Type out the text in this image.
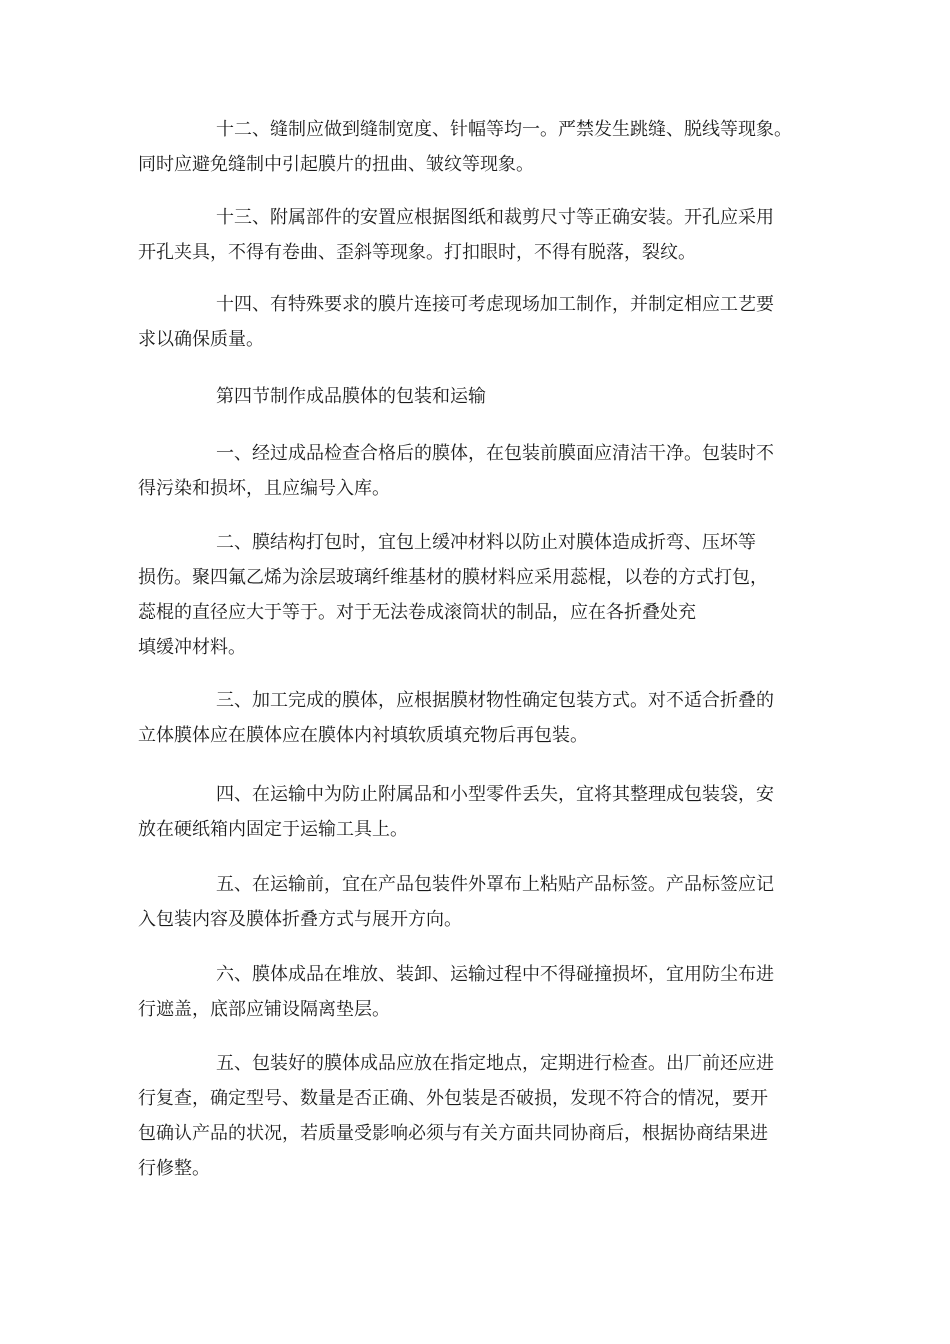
十二、缝制应做到缝制宽度、针幅等均一。严禁发生跳缝、脱线等现象。
同时应避免缝制中引起膜片的扭曲、皱纹等现象。
十三、附属部件的安置应根据图纸和裁剪尺寸等正确安装。开孔应采用
开孔夹具，不得有卷曲、歪斜等现象。打扣眼时，不得有脱落，裂纹。
十四、有特殊要求的膜片连接可考虑现场加工制作，并制定相应工艺要
求以确保质量。
第四节制作成品膜体的包装和运输
一、经过成品检查合格后的膜体，在包装前膜面应清洁干净。包装时不
得污染和损坏，且应编号入库。
二、膜结构打包时，宜包上缓冲材料以防止对膜体造成折弯、压坏等
损伤。聚四氟乙烯为涂层玻璃纤维基材的膜材料应采用蕊棍，以卷的方式打包，
蕊棍的直径应大于等于。对于无法卷成滚筒状的制品，应在各折叠处充
填缓冲材料。
三、加工完成的膜体，应根据膜材物性确定包装方式。对不适合折叠的
立体膜体应在膜体应在膜体内衬填软质填充物后再包装。
四、在运输中为防止附属品和小型零件丢失，宜将其整理成包装袋，安
放在硬纸箱内固定于运输工具上。
五、在运输前，宜在产品包装件外罩布上粘贴产品标签。产品标签应记
入包装内容及膜体折叠方式与展开方向。
六、膜体成品在堆放、装卸、运输过程中不得碰撞损坏，宜用防尘布进
行遮盖，底部应铺设隔离垫层。
五、包装好的膜体成品应放在指定地点，定期进行检查。出厂前还应进
行复查，确定型号、数量是否正确、外包装是否破损，发现不符合的情况，要开
包确认产品的状况，若质量受影响必须与有关方面共同协商后，根据协商结果进
行修整。
